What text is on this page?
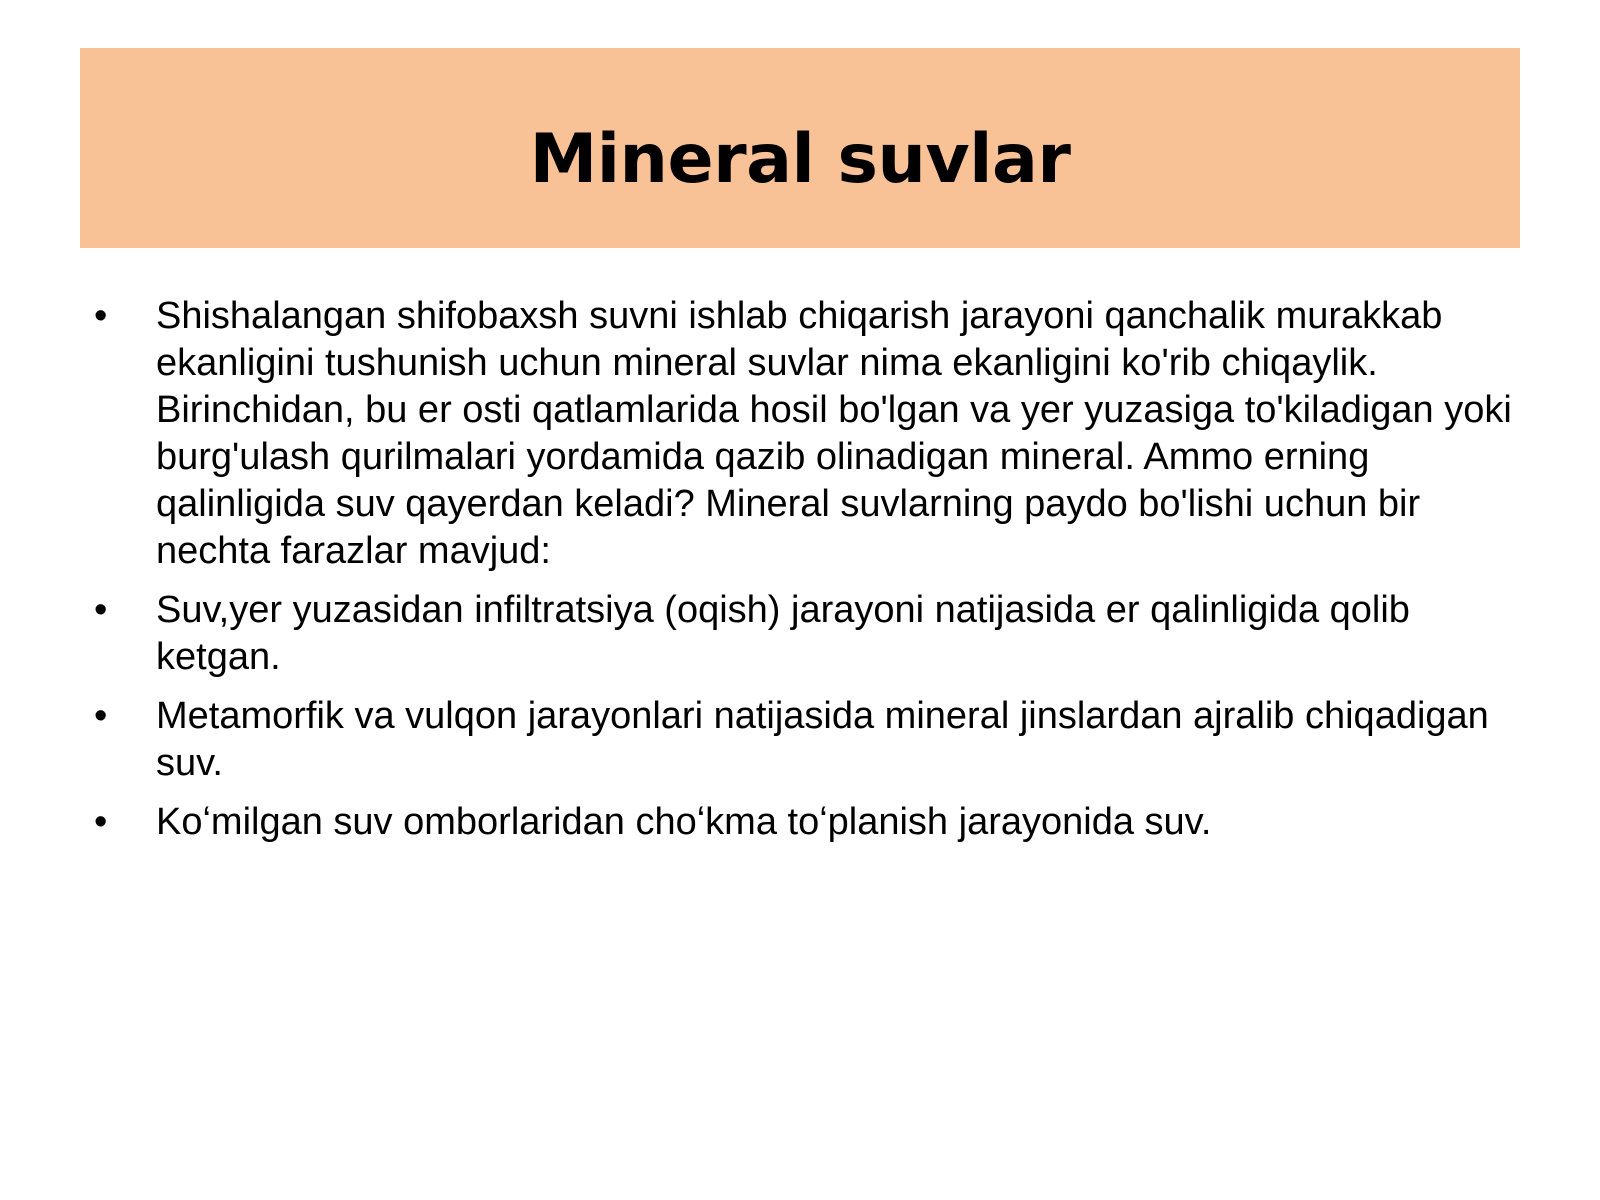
Mineral suvlar
•	Shishalangan shifobaxsh suvni ishlab chiqarish jarayoni qanchalik murakkab ekanligini tushunish uchun mineral suvlar nima ekanligini ko'rib chiqaylik. Birinchidan, bu er osti qatlamlarida hosil bo'lgan va yer yuzasiga to'kiladigan yoki burg'ulash qurilmalari yordamida qazib olinadigan mineral. Ammo erning qalinligida suv qayerdan keladi? Mineral suvlarning paydo bo'lishi uchun bir nechta farazlar mavjud:
•	Suv,yer yuzasidan infiltratsiya (oqish) jarayoni natijasida er qalinligida qolib ketgan.
•	Metamorfik va vulqon jarayonlari natijasida mineral jinslardan ajralib chiqadigan suv.
•	Koʻmilgan suv omborlaridan choʻkma toʻplanish jarayonida suv.
